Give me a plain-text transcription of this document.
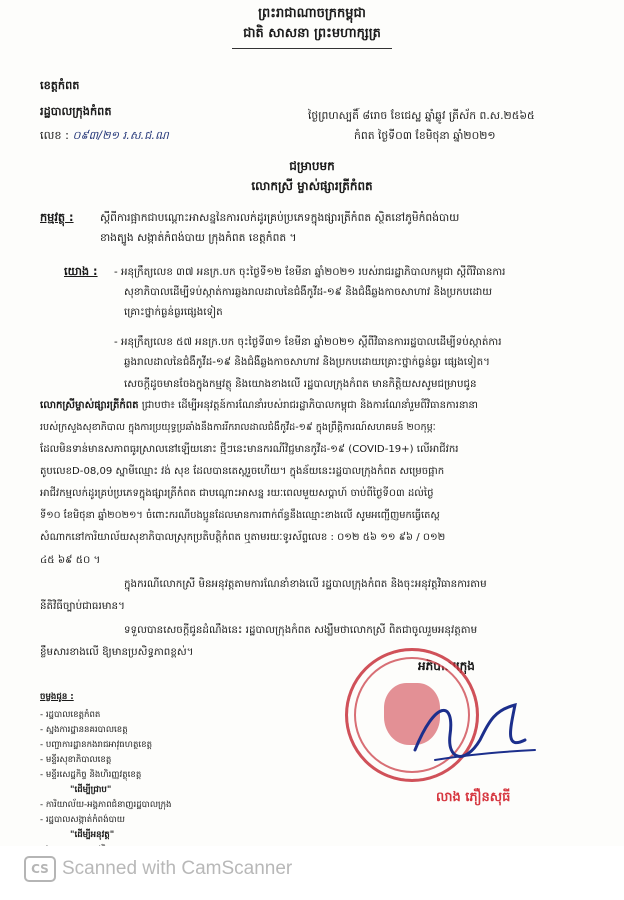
ព្រះរាជាណាចក្រកម្ពុជា
ជាតិ សាសនា ព្រះមហាក្សត្រ
ខេត្តកំពត
រដ្ឋបាលក្រុងកំពត
លេខ : ០៩៣/២១ រ.ស.ជ.ណ
ថ្ងៃព្រហស្បតិ៍ ៨រោច ខែជេស្ឋ ឆ្នាំឆ្លូវ ត្រីស័ក ព.ស.២៥៦៥
កំពត ថ្ងៃទី០៣ ខែមិថុនា ឆ្នាំ២០២១
ជម្រាបមក
លោកស្រី ម្ចាស់ផ្សារត្រីកំពត
កម្មវត្ថុ : ស្តីពីការផ្អាកជាបណ្តោះអាសន្ននៃការលក់ដូរគ្រប់ប្រភេទក្នុងផ្សារត្រីកំពត ស្ថិតនៅភូមិកំពង់បាយ
ខាងត្បូង សង្កាត់កំពង់បាយ ក្រុងកំពត ខេត្តកំពត ។
យោង : - អនុក្រឹត្យលេខ ៣៧ អនក្រ.បក ចុះថ្ងៃទី១២ ខែមីនា ឆ្នាំ២០២១ របស់រាជរដ្ឋាភិបាលកម្ពុជា ស្តីពីវិធានការ
សុខាភិបាលដើម្បីទប់ស្កាត់ការឆ្លងរាលដាលនៃជំងឺកូវីដ-១៩ និងជំងឺឆ្លងកាចសាហាវ និងប្រកបដោយ
គ្រោះថ្នាក់ធ្ងន់ធ្ងរផ្សេងទៀត
- អនុក្រឹត្យលេខ ៥៧ អនក្រ.បក ចុះថ្ងៃទី៣១ ខែមីនា ឆ្នាំ២០២១ ស្តីពីវិធានការរដ្ឋបាលដើម្បីទប់ស្កាត់ការ
ឆ្លងរាលដាលនៃជំងឺកូវីដ-១៩ និងជំងឺឆ្លងកាចសាហាវ និងប្រកបដោយគ្រោះថ្នាក់ធ្ងន់ធ្ងរ ផ្សេងទៀត។
សេចក្តីដូចមានចែងក្នុងកម្មវត្ថុ និងយោងខាងលើ រដ្ឋបាលក្រុងកំពត មានកិត្តិយសសូមជម្រាបជូន
លោកស្រីម្ចាស់ផ្សារត្រីកំពត ជ្រាបថា៖ ដើម្បីអនុវត្តន៍ការណែនាំរបស់រាជរដ្ឋាភិបាលកម្ពុជា និងការណែនាំរួមពីវិធានការនានា
របស់ក្រសួងសុខាភិបាល ក្នុងការប្រយុទ្ធប្រឆាំងនឹងការរីករាលដាលជំងឺកូវីដ-១៩ ក្នុងព្រឹត្តិការណ៍សហគមន៍ ២០កុម្ភៈ
ដែលមិនទាន់មានសភាពធូរស្រាលនៅឡើយនោះ ថ្មីៗនេះមានករណីវិជ្ជមានកូវីដ-១៩ (COVID-19+) លើអាជីវករ
តូបលេខD-08,09 ស្នាមីឈ្មោះ វង់ សុខ ដែលបានតេស្តរួចហើយ។ ក្នុងន័យនេះរដ្ឋបាលក្រុងកំពត សម្រេចផ្អាក
អាជីវកម្មលក់ដូរគ្រប់ប្រភេទក្នុងផ្សារត្រីកំពត ជាបណ្តោះអាសន្ន រយៈពេលមួយសប្តាហ៍ ចាប់ពីថ្ងៃទី០៣ ដល់ថ្ងៃ
ទី១០ ខែមិថុនា ឆ្នាំ២០២១។ ចំពោះករណីបងប្អូនដែលមានការពាក់ព័ន្ធនឹងឈ្មោះខាងលើ សូមអញ្ជើញមកធ្វើតេស្ត
សំណាកនៅការិយាល័យសុខាភិបាលស្រុកប្រតិបត្តិកំពត ឬតាមរយៈទូរស័ព្ទលេខ : ០១២ ៥៦ ១១ ៩៦ / ០១២
៤៥ ៦៩ ៥០ ។
ក្នុងករណីលោកស្រី មិនអនុវត្តតាមការណែនាំខាងលើ រដ្ឋបាលក្រុងកំពត និងចុះអនុវត្តវិធានការតាម
នីតិវិធីច្បាប់ជាធរមាន។
ទទួលបានសេចក្តីជូនដំណឹងនេះ រដ្ឋបាលក្រុងកំពត សង្ឃឹមថាលោកស្រី ពិតជាចូលរួមអនុវត្តតាម
ខ្លឹមសារខាងលើ ឱ្យមានប្រសិទ្ធភាពខ្ពស់។
ចម្លងជូន :
- រដ្ឋបាលខេត្តកំពត
- ស្នងការដ្ឋាននគរបាលខេត្ត
- បញ្ជាការដ្ឋានកងរាជអាវុធហត្ថខេត្ត
- មន្ទីរសុខាភិបាលខេត្ត
- មន្ទីរសេដ្ឋកិច្ច និងហិរញ្ញវត្ថុខេត្ត
"ដើម្បីជ្រាប"
- ការិយាល័យ-អង្គភាពជំនាញរដ្ឋបាលក្រុង
- រដ្ឋបាលសង្កាត់កំពង់បាយ
"ដើម្បីអនុវត្ត"
អភិបាលក្រុង
លាង ភឿនសុធី
CS Scanned with CamScanner
